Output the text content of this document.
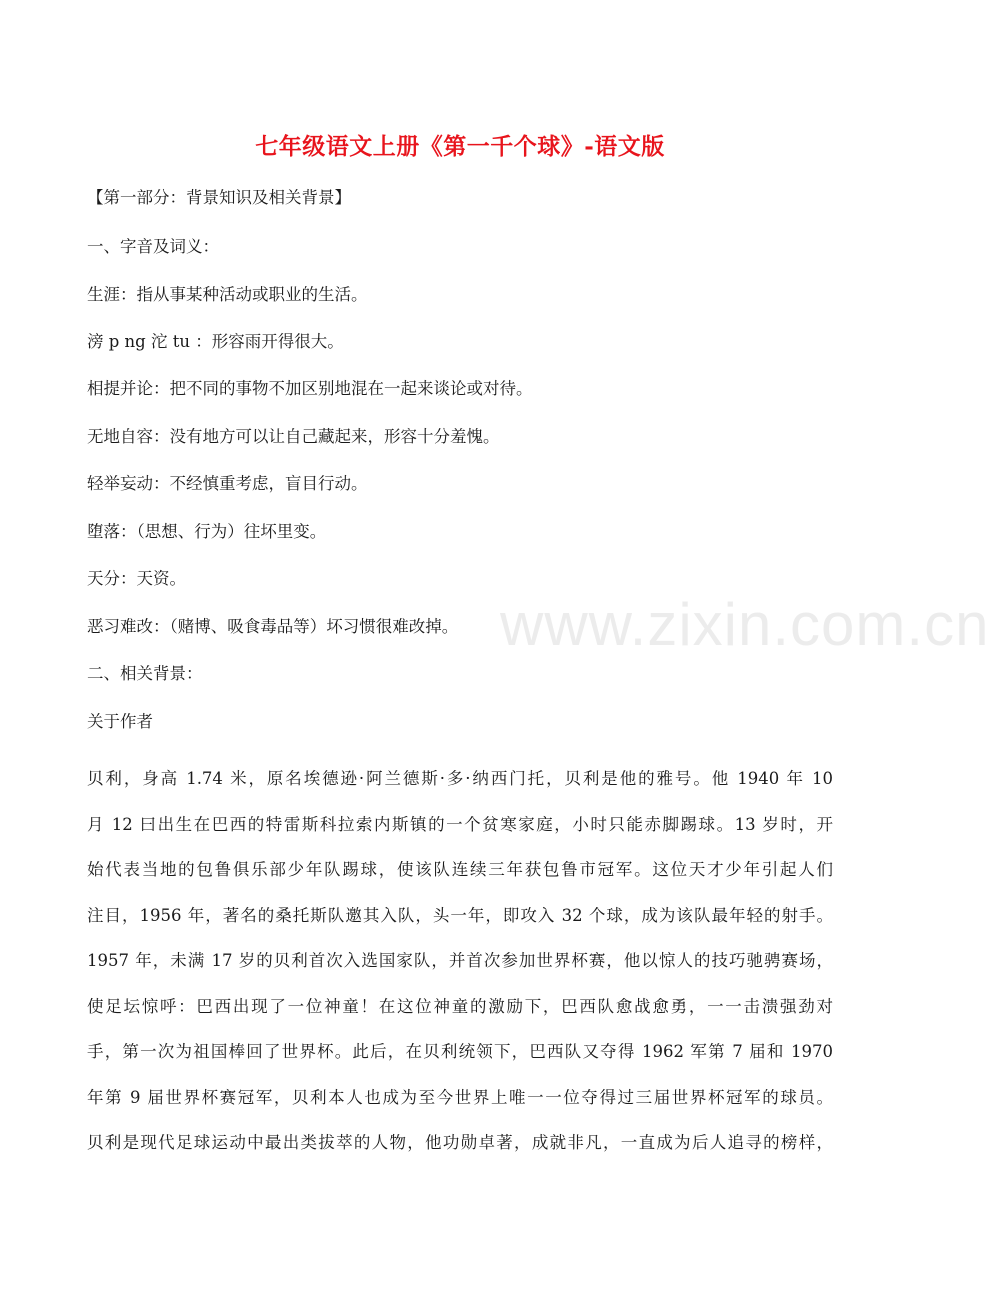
七年级语文上册《第一千个球》-语文版
【第一部分：背景知识及相关背景】
一、字音及词义：
生涯：指从事某种活动或职业的生活。
滂 p ng 沱 tu ：形容雨开得很大。
相提并论：把不同的事物不加区别地混在一起来谈论或对待。
无地自容：没有地方可以让自己藏起来，形容十分羞愧。
轻举妄动：不经慎重考虑，盲目行动。
堕落：（思想、行为）往坏里变。
天分：天资。
恶习难改：（赌博、吸食毒品等）坏习惯很难改掉。
二、相关背景：
关于作者
贝利，身高 1.74 米，原名埃德逊·阿兰德斯·多·纳西门托，贝利是他的雅号。他 1940 年 10
月 12 曰出生在巴西的特雷斯科拉索内斯镇的一个贫寒家庭，小时只能赤脚踢球。13 岁时，开
始代表当地的包鲁俱乐部少年队踢球，使该队连续三年获包鲁市冠军。这位天才少年引起人们
注目，1956 年，著名的桑托斯队邀其入队，头一年，即攻入 32 个球，成为该队最年轻的射手。
1957 年，未满 17 岁的贝利首次入选国家队，并首次参加世界杯赛，他以惊人的技巧驰骋赛场，
使足坛惊呼：巴西出现了一位神童！在这位神童的激励下，巴西队愈战愈勇，一一击溃强劲对
手，第一次为祖国棒回了世界杯。此后，在贝利统领下，巴西队又夺得 1962 军第 7 届和 1970
年第 9 届世界杯赛冠军，贝利本人也成为至今世界上唯一一位夺得过三届世界杯冠军的球员。
贝利是现代足球运动中最出类拔萃的人物，他功勋卓著，成就非凡，一直成为后人追寻的榜样，
www.zixin.com.cn
